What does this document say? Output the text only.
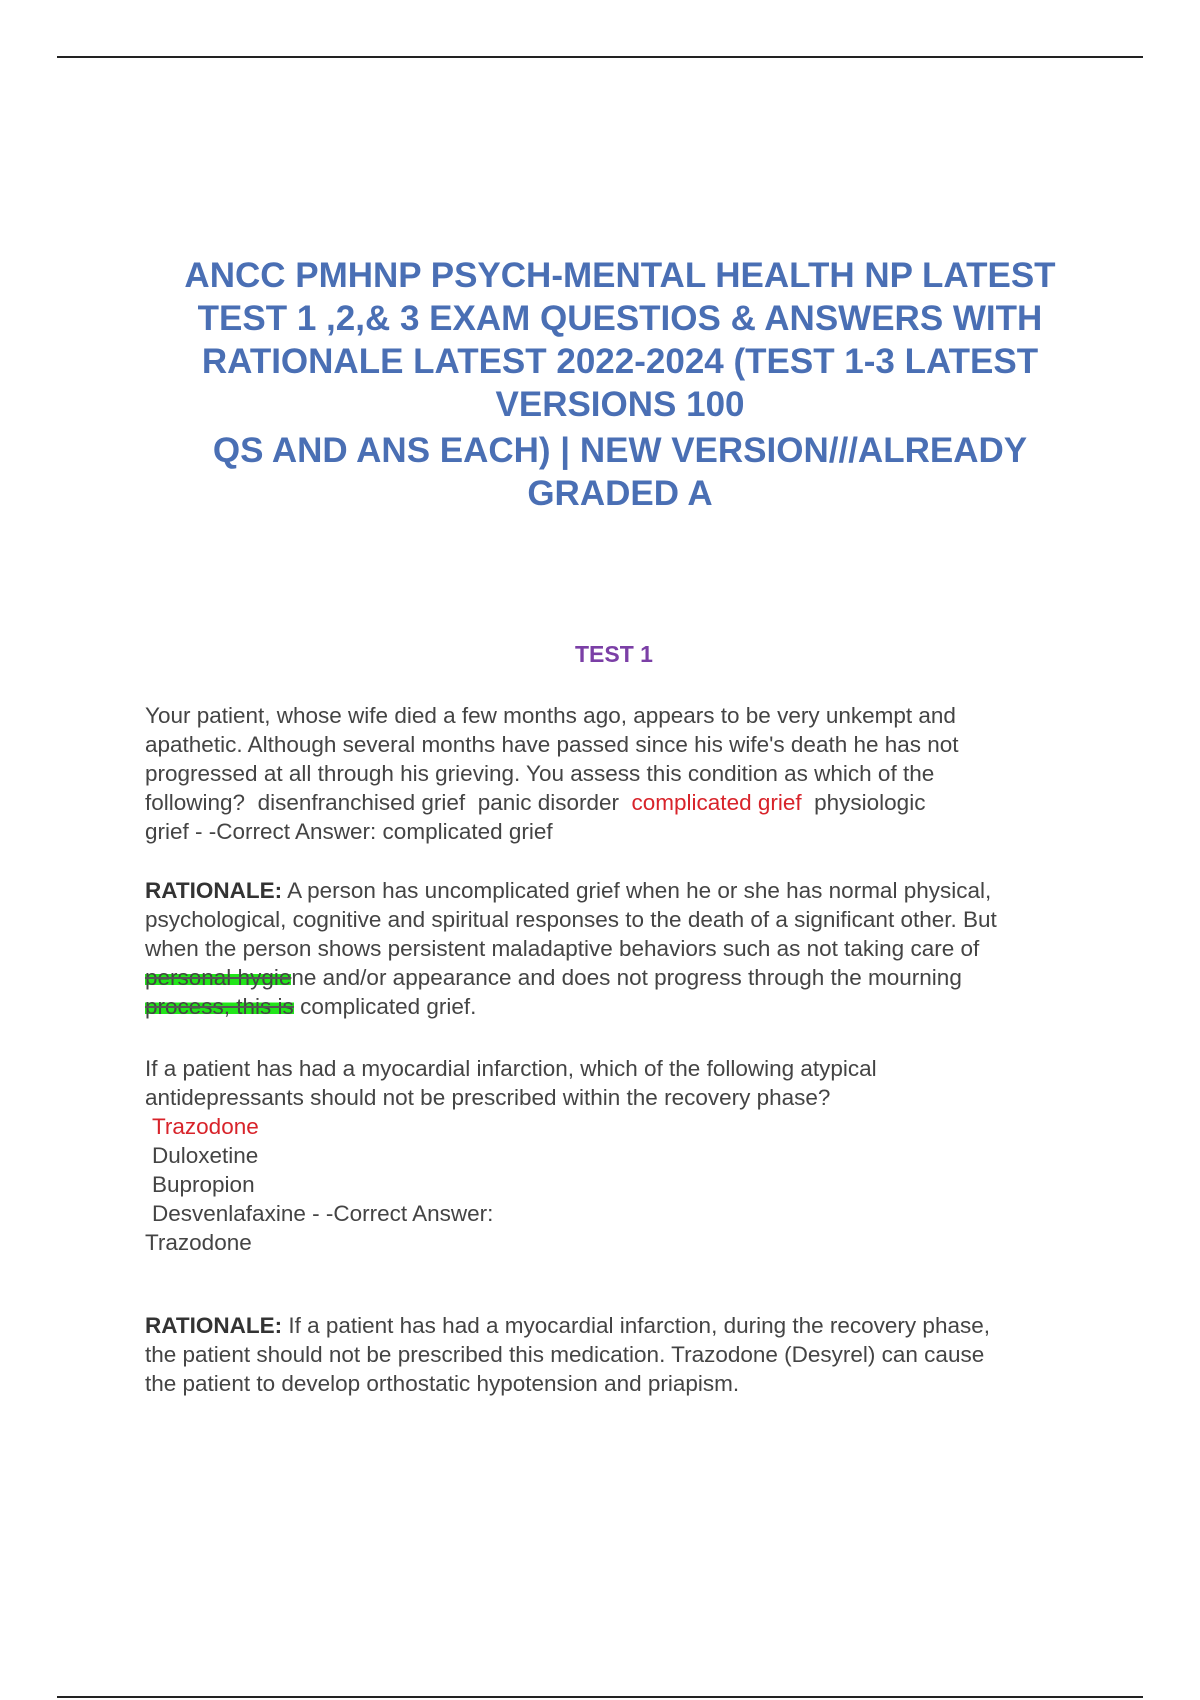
ANCC PMHNP PSYCH-MENTAL HEALTH NP LATEST
TEST 1 ,2,& 3 EXAM QUESTIOS & ANSWERS WITH
RATIONALE LATEST 2022-2024 (TEST 1-3 LATEST
VERSIONS 100
QS AND ANS EACH) | NEW VERSION///ALREADY
GRADED A
TEST 1
Your patient, whose wife died a few months ago, appears to be very unkempt and
apathetic. Although several months have passed since his wife's death he has not
progressed at all through his grieving. You assess this condition as which of the
following?  disenfranchised grief  panic disorder  complicated grief  physiologic
grief - -Correct Answer: complicated grief
RATIONALE: A person has uncomplicated grief when he or she has normal physical,
psychological, cognitive and spiritual responses to the death of a significant other. But
when the person shows persistent maladaptive behaviors such as not taking care of
personal hygiene and/or appearance and does not progress through the mourning
process, this is complicated grief.
If a patient has had a myocardial infarction, which of the following atypical
antidepressants should not be prescribed within the recovery phase?
Trazodone
Duloxetine
Bupropion
Desvenlafaxine - -Correct Answer:
Trazodone
RATIONALE: If a patient has had a myocardial infarction, during the recovery phase,
the patient should not be prescribed this medication. Trazodone (Desyrel) can cause
the patient to develop orthostatic hypotension and priapism.
